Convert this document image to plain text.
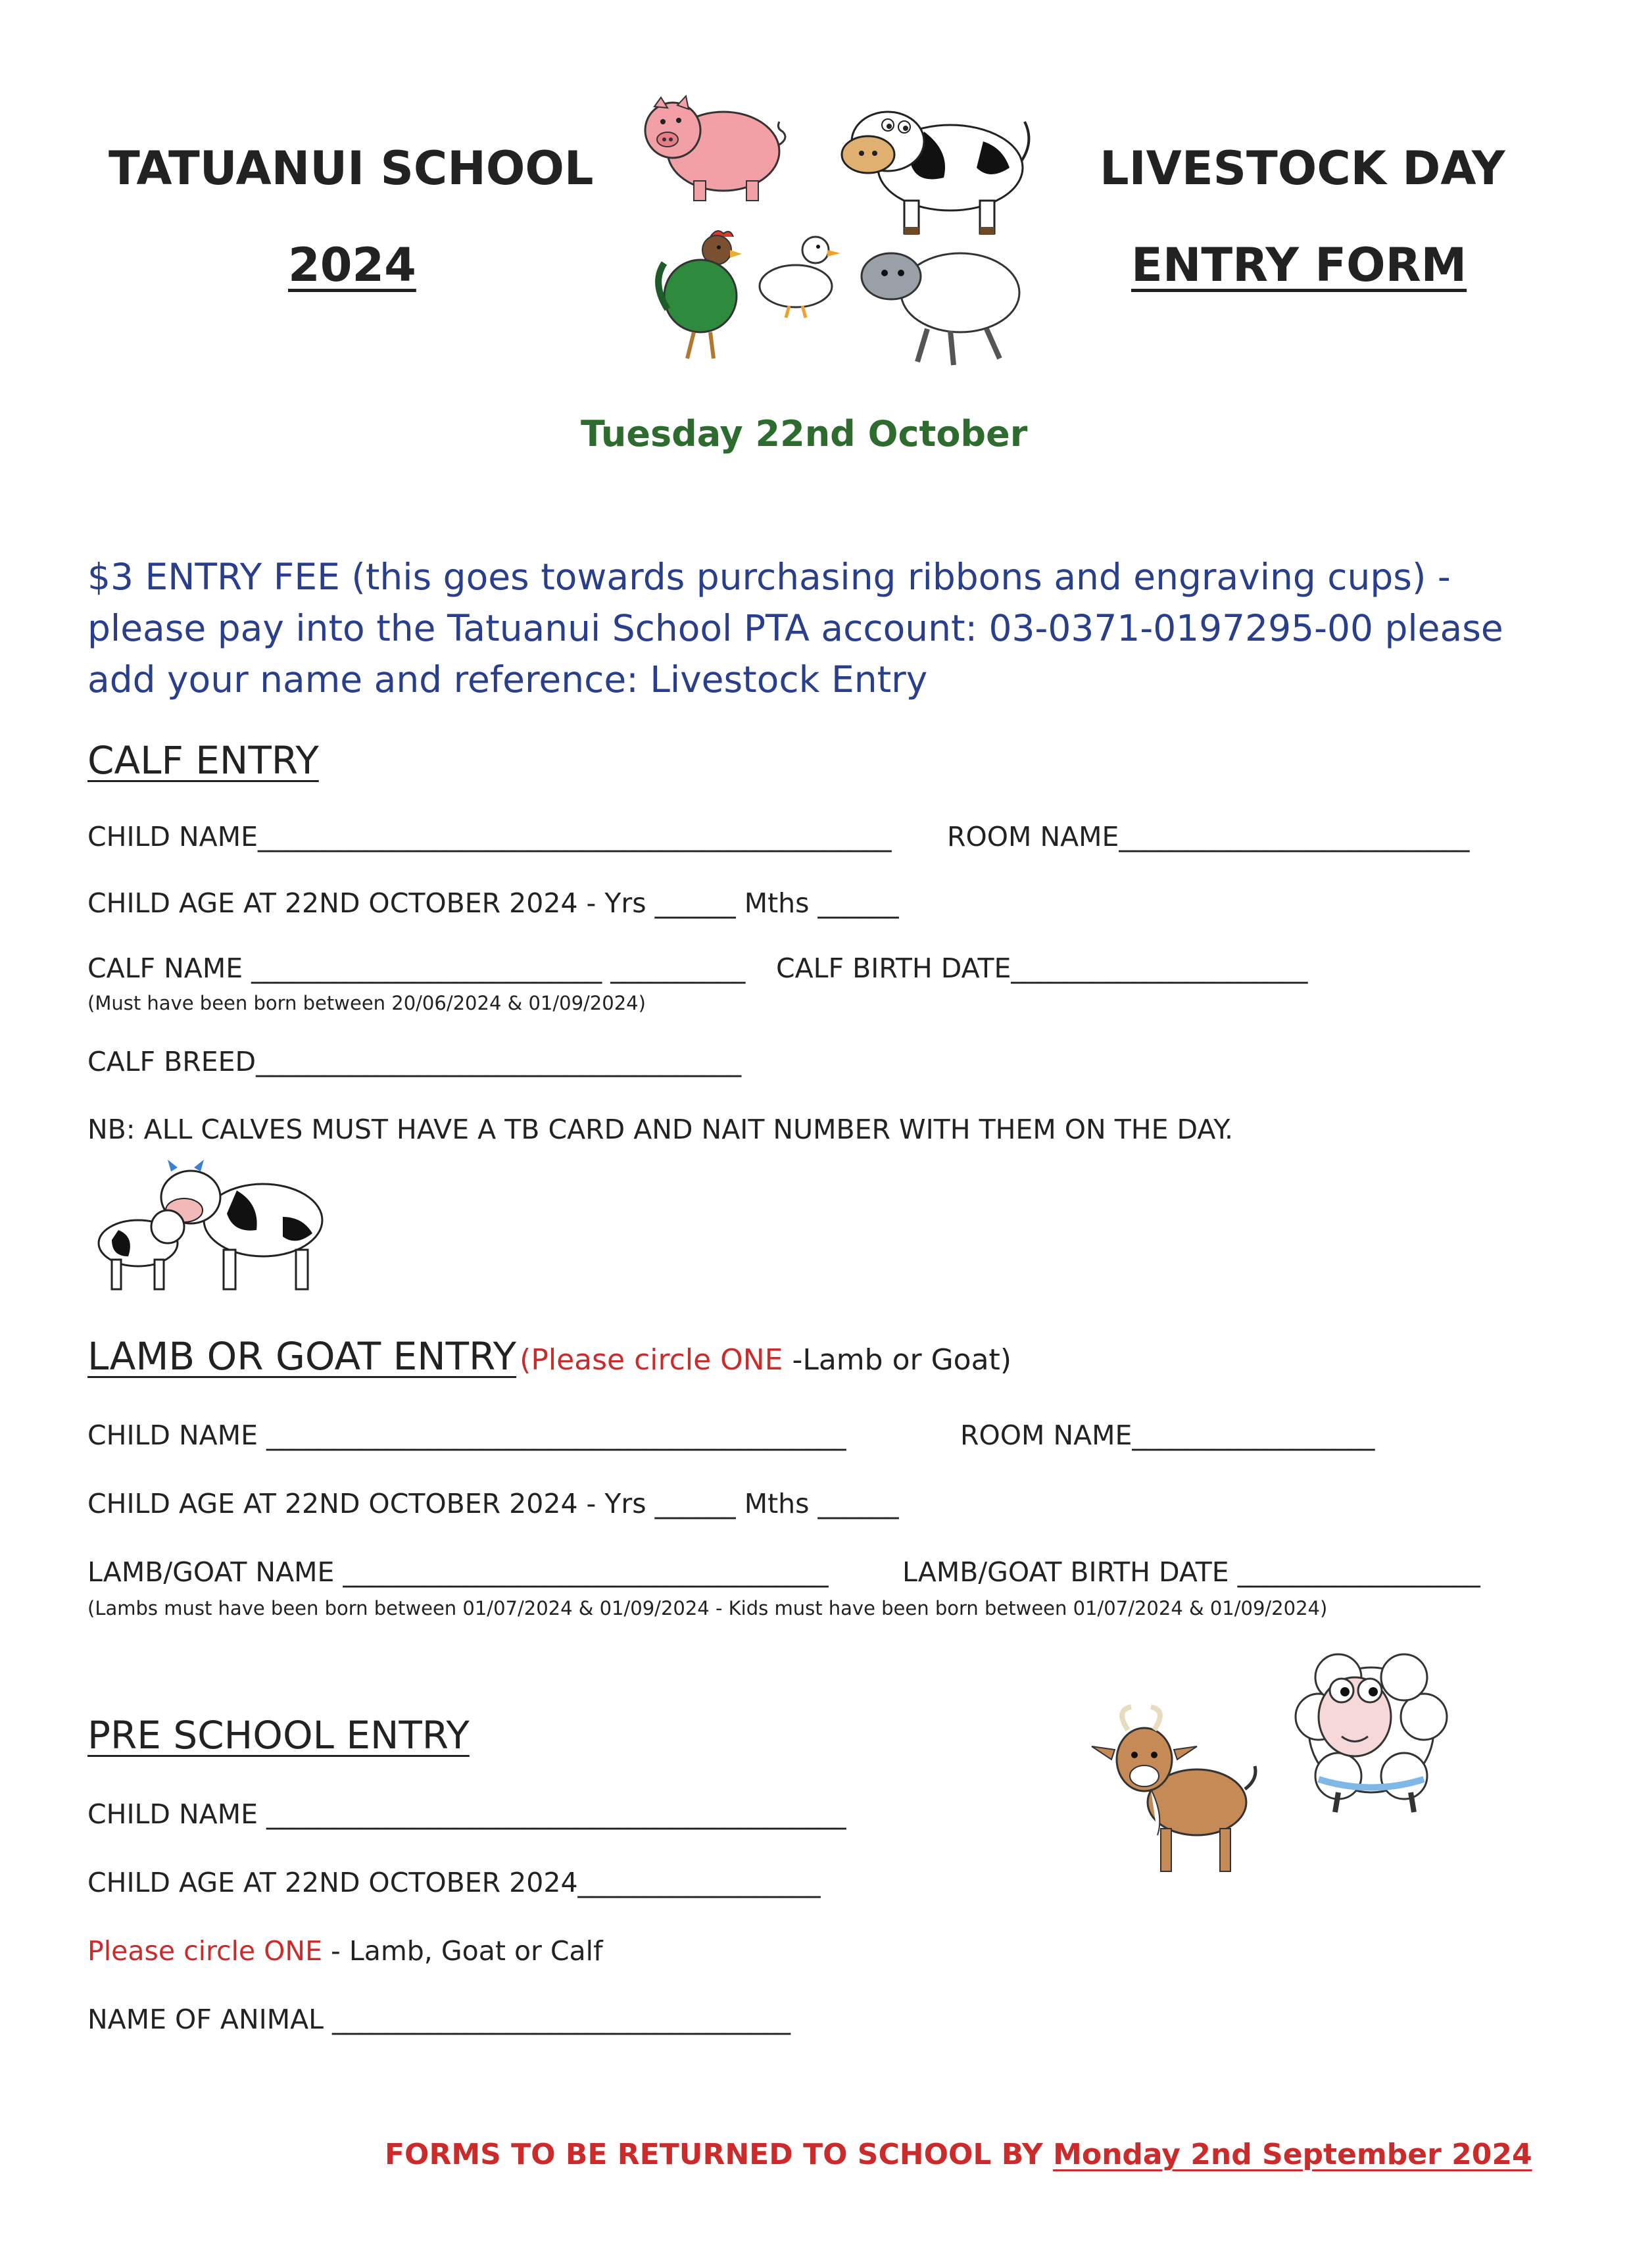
TATUANUI SCHOOL
2024
LIVESTOCK DAY
ENTRY FORM
Tuesday 22nd October
$3 ENTRY FEE (this goes towards purchasing ribbons and engraving cups) - please pay into the Tatuanui School PTA account: 03-0371-0197295-00 please add your name and reference: Livestock Entry
CALF ENTRY
CHILD NAME_______________________________________________ ROOM NAME__________________________
CHILD AGE AT 22ND OCTOBER 2024 - Yrs ______ Mths ______
CALF NAME __________________________ __________ CALF BIRTH DATE______________________
(Must have been born between 20/06/2024 & 01/09/2024)
CALF BREED____________________________________
NB: ALL CALVES MUST HAVE A TB CARD AND NAIT NUMBER WITH THEM ON THE DAY.
LAMB OR GOAT ENTRY (Please circle ONE -Lamb or Goat)
CHILD NAME ___________________________________________	ROOM NAME__________________
CHILD AGE AT 22ND OCTOBER 2024 - Yrs ______ Mths ______
LAMB/GOAT NAME ____________________________________	LAMB/GOAT BIRTH DATE __________________
(Lambs must have been born between 01/07/2024 & 01/09/2024 - Kids must have been born between 01/07/2024 & 01/09/2024)
PRE SCHOOL ENTRY
CHILD NAME ___________________________________________
CHILD AGE AT 22ND OCTOBER 2024__________________
Please circle ONE - Lamb, Goat or Calf
NAME OF ANIMAL __________________________________
FORMS TO BE RETURNED TO SCHOOL BY Monday 2nd September 2024
